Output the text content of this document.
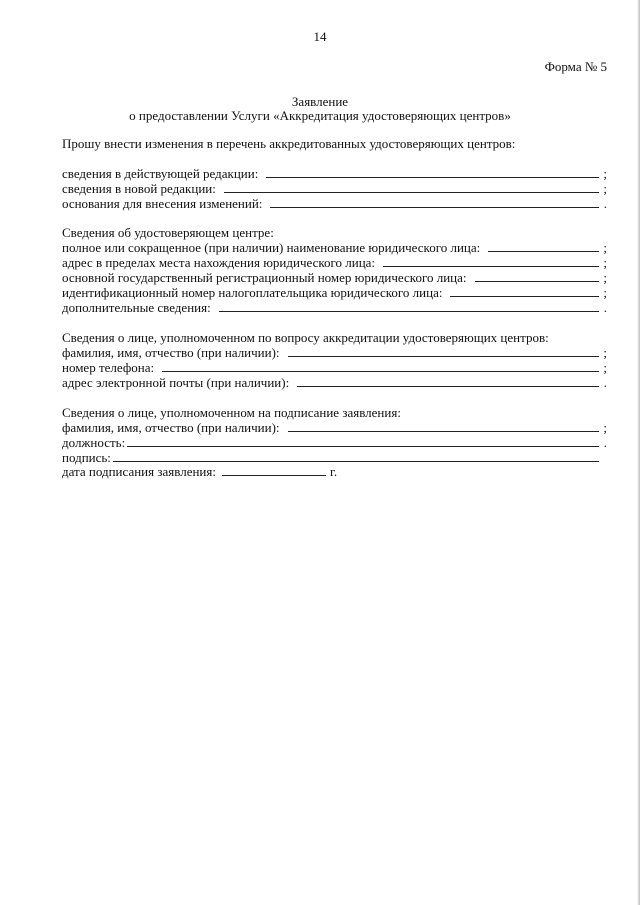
14
Форма № 5
Заявление
о предоставлении Услуги «Аккредитация удостоверяющих центров»
Прошу внести изменения в перечень аккредитованных удостоверяющих центров:
сведения в действующей редакции:	;
сведения в новой редакции:	;
основания для внесения изменений:	.
Сведения об удостоверяющем центре:
полное или сокращенное (при наличии) наименование юридического лица:	;
адрес в пределах места нахождения юридического лица:	;
основной государственный регистрационный номер юридического лица:	;
идентификационный номер налогоплательщика юридического лица:	;
дополнительные сведения:	.
Сведения о лице, уполномоченном по вопросу аккредитации удостоверяющих центров:
фамилия, имя, отчество (при наличии):	;
номер телефона:	;
адрес электронной почты (при наличии):	.
Сведения о лице, уполномоченном на подписание заявления:
фамилия, имя, отчество (при наличии):	;
должность:	.
подпись:
дата подписания заявления:	г.
